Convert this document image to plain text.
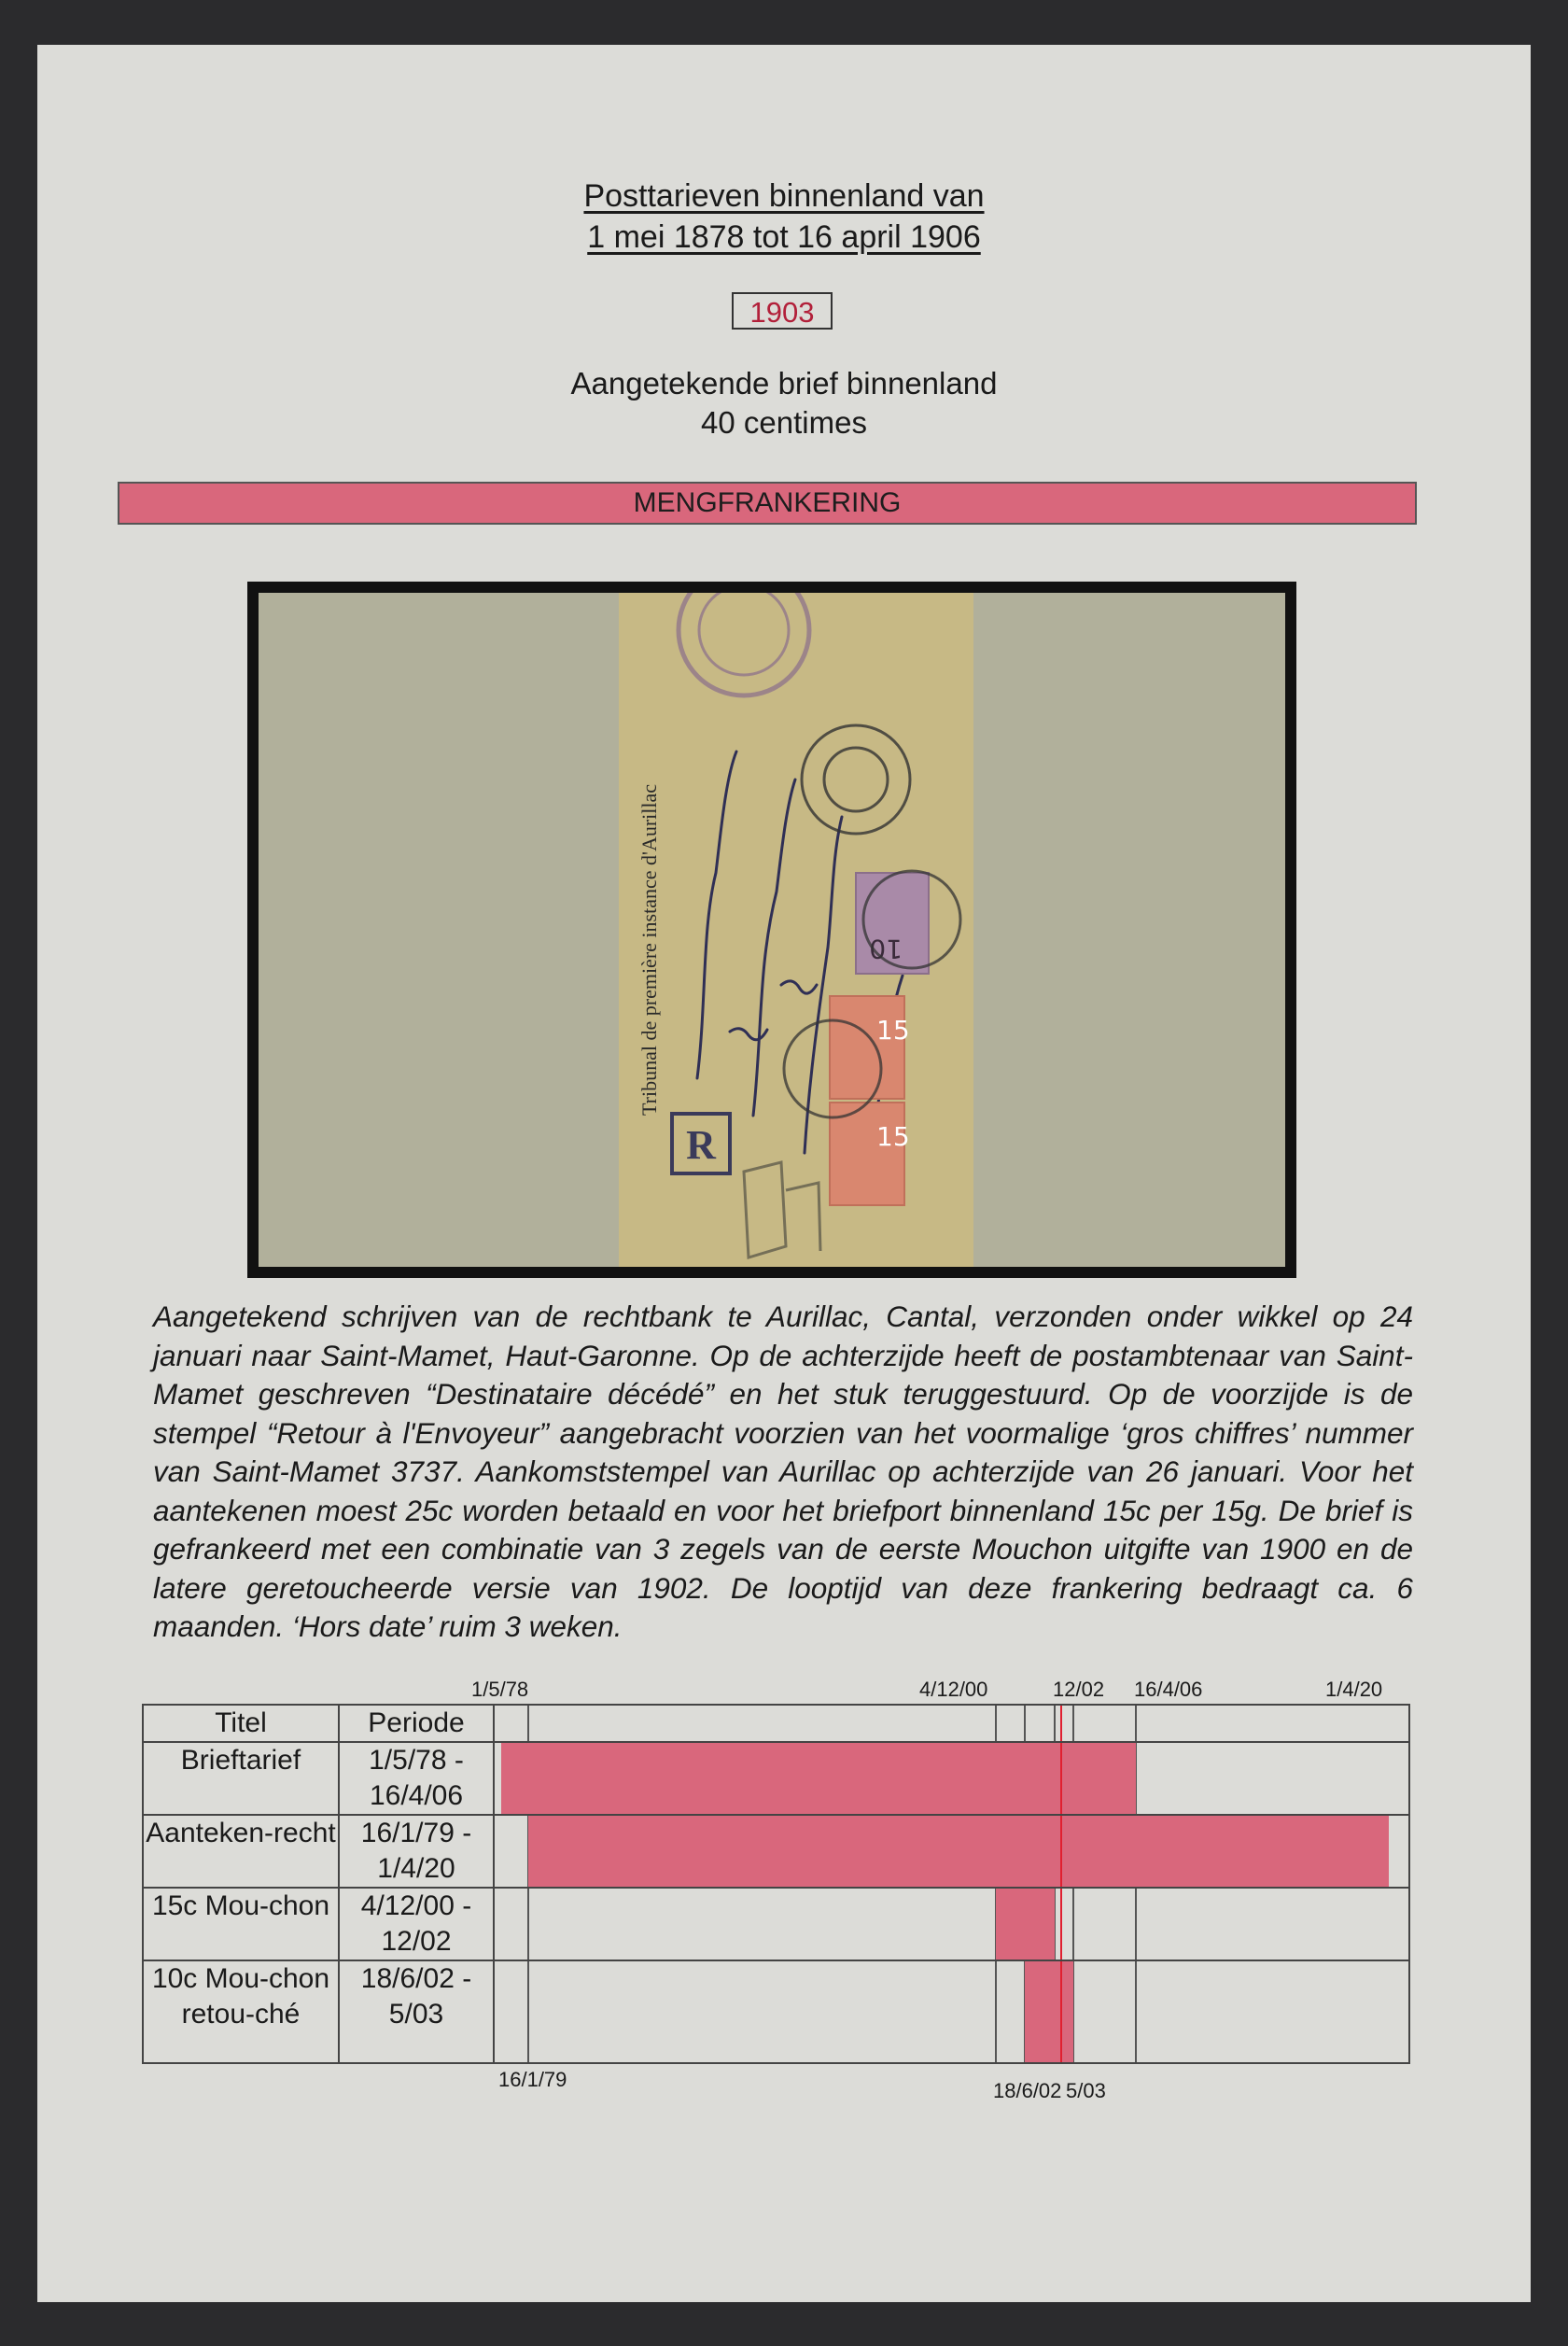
Posttarieven binnenland van
1 mei 1878 tot 16 april 1906
1903
Aangetekende brief binnenland
40 centimes
MENGFRANKERING
Tribunal de première instance d'Aurillac
R
10
15
15

Aangetekend schrijven van de rechtbank te Aurillac, Cantal, verzonden onder wikkel op 24 januari naar Saint-Mamet, Haut-Garonne. Op de achterzijde heeft de postambtenaar van Saint-Mamet geschreven “Destinataire décédé” en het stuk teruggestuurd. Op de voorzijde is de stempel “Retour à l'Envoyeur” aangebracht voorzien van het voormalige ‘gros chiffres’ nummer van Saint-Mamet 3737. Aankomststempel van Aurillac op achterzijde van 26 januari. Voor het aantekenen moest 25c worden betaald en voor het briefport binnenland 15c per 15g. De brief is gefrankeerd met een combinatie van 3 zegels van de eerste Mouchon uitgifte van 1900 en de latere geretoucheerde versie van 1902. De looptijd van deze frankering bedraagt ca. 6 maanden. ‘Hors date’ ruim 3 weken.

Titel	Periode	

Brieftarief	1/5/78 - 16/4/06	

Aanteken-recht	16/1/79 - 1/4/20	

15c Mou-chon	4/12/00 - 12/02	

10c Mou-chon retou-ché	18/6/02 - 5/03	
1/5/78	4/12/00	12/02 16/4/06	1/4/20
16/1/79	18/6/02 5/03
